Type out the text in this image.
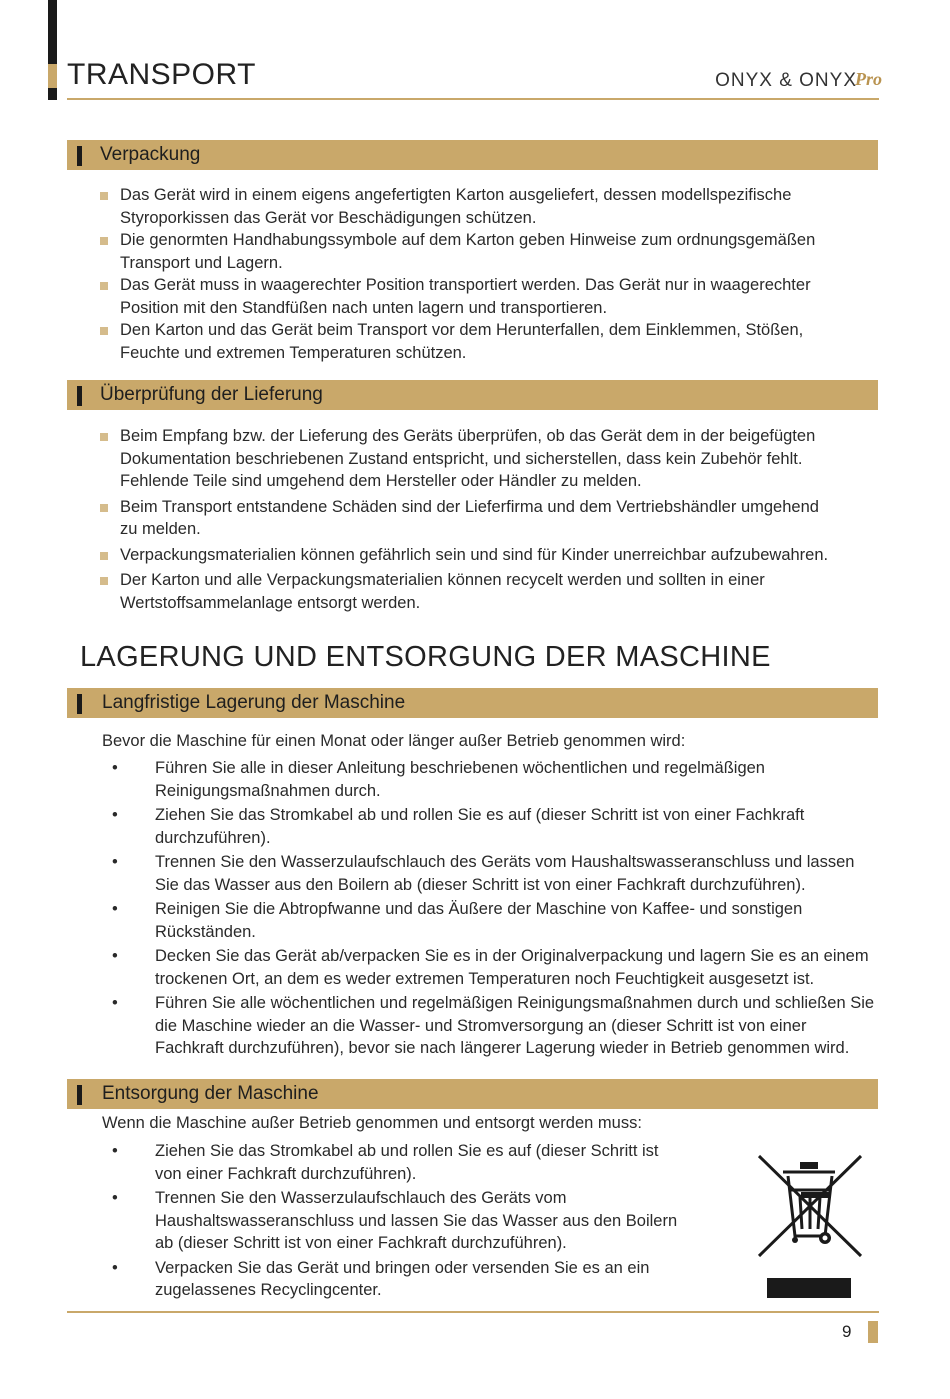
TRANSPORT	ONYX & ONYX
Pro
Verpackung
Das Gerät wird in einem eigens angefertigten Karton ausgeliefert, dessen modellspezifische Styroporkissen das Gerät vor Beschädigungen schützen.
Die genormten Handhabungssymbole auf dem Karton geben Hinweise zum ordnungsgemäßen Transport und Lagern.
Das Gerät muss in waagerechter Position transportiert werden. Das Gerät nur in waagerechter Position mit den Standfüßen nach unten lagern und transportieren.
Den Karton und das Gerät beim Transport vor dem Herunterfallen, dem Einklemmen, Stößen, Feuchte und extremen Temperaturen schützen.
Überprüfung der Lieferung
Beim Empfang bzw. der Lieferung des Geräts überprüfen, ob das Gerät dem in der beigefügten Dokumentation beschriebenen Zustand entspricht, und sicherstellen, dass kein Zubehör fehlt. Fehlende Teile sind umgehend dem Hersteller oder Händler zu melden.
Beim Transport entstandene Schäden sind der Lieferfirma und dem Vertriebshändler umgehend zu melden.
Verpackungsmaterialien können gefährlich sein und sind für Kinder unerreichbar aufzubewahren.
Der Karton und alle Verpackungsmaterialien können recycelt werden und sollten in einer Wertstoffsammelanlage entsorgt werden.
LAGERUNG UND ENTSORGUNG DER MASCHINE
Langfristige Lagerung der Maschine
Bevor die Maschine für einen Monat oder länger außer Betrieb genommen wird:
• Führen Sie alle in dieser Anleitung beschriebenen wöchentlichen und regelmäßigen Reinigungsmaßnahmen durch.
• Ziehen Sie das Stromkabel ab und rollen Sie es auf (dieser Schritt ist von einer Fachkraft durchzuführen).
• Trennen Sie den Wasserzulaufschlauch des Geräts vom Haushaltswasseranschluss und lassen Sie das Wasser aus den Boilern ab (dieser Schritt ist von einer Fachkraft durchzuführen).
• Reinigen Sie die Abtropfwanne und das Äußere der Maschine von Kaffee- und sonstigen Rückständen.
• Decken Sie das Gerät ab/verpacken Sie es in der Originalverpackung und lagern Sie es an einem trockenen Ort, an dem es weder extremen Temperaturen noch Feuchtigkeit ausgesetzt ist.
• Führen Sie alle wöchentlichen und regelmäßigen Reinigungsmaßnahmen durch und schließen Sie die Maschine wieder an die Wasser- und Stromversorgung an (dieser Schritt ist von einer Fachkraft durchzuführen), bevor sie nach längerer Lagerung wieder in Betrieb genommen wird.
Entsorgung der Maschine
Wenn die Maschine außer Betrieb genommen und entsorgt werden muss:
• Ziehen Sie das Stromkabel ab und rollen Sie es auf (dieser Schritt ist von einer Fachkraft durchzuführen).
• Trennen Sie den Wasserzulaufschlauch des Geräts vom Haushaltswasseranschluss und lassen Sie das Wasser aus den Boilern ab (dieser Schritt ist von einer Fachkraft durchzuführen).
• Verpacken Sie das Gerät und bringen oder versenden Sie es an ein zugelassenes Recyclingcenter.
9
